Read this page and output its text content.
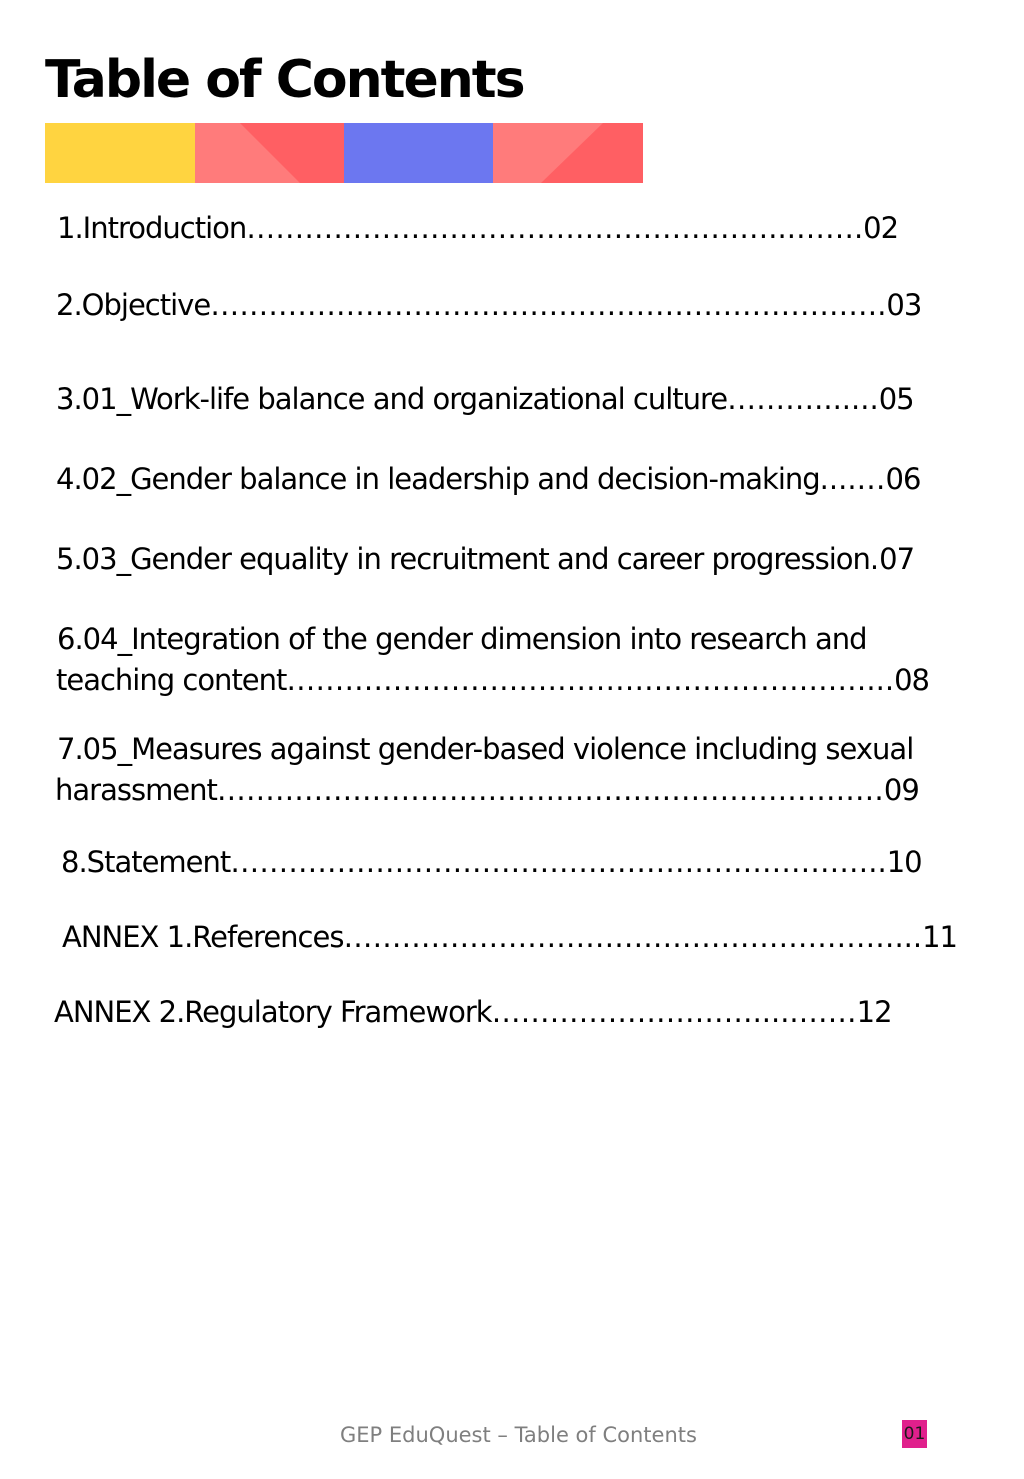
Table of Contents
1.Introduction………………………………………………...…….02
2.Objective…………………………………………………………….03
3.01_Work-life balance and organizational culture……….......05
4.02_Gender balance in leadership and decision-making....…06
5.03_Gender equality in recruitment and career progression.07
6.04_Integration of the gender dimension into research and
teaching content……………………………………………………...08
7.05_Measures against gender-based violence including sexual
harassment……………………………………………………………09
8.Statement…………………………………………………………..10
ANNEX 1.References…………………………………………………...11
ANNEX 2.Regulatory Framework……………………….....……12
GEP EduQuest – Table of Contents	01
